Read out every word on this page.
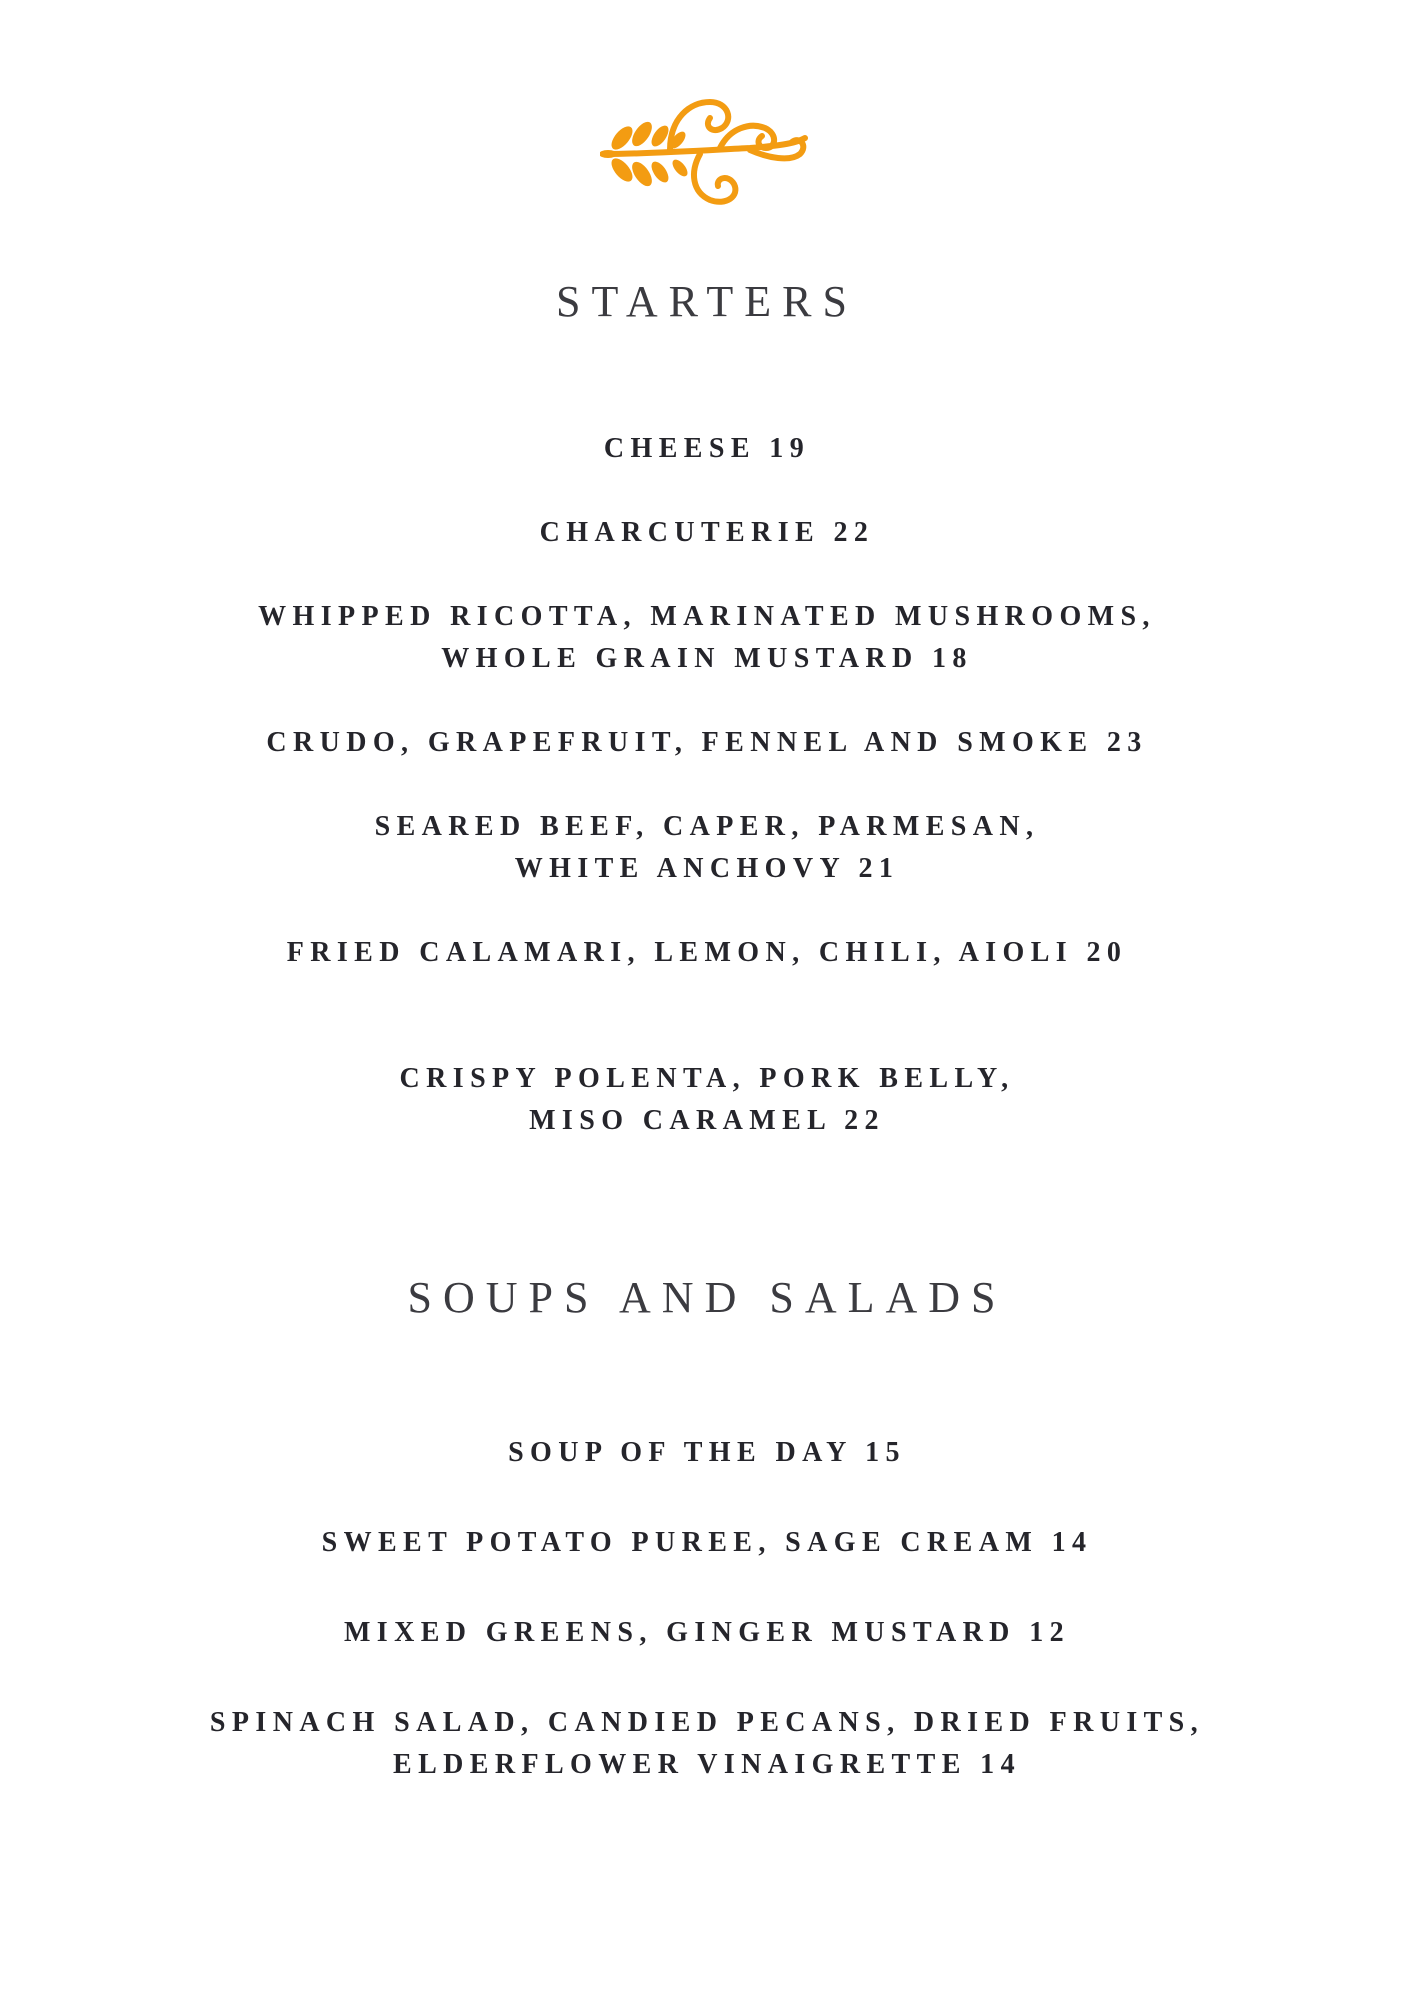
STARTERS
CHEESE 19
CHARCUTERIE 22
WHIPPED RICOTTA, MARINATED MUSHROOMS,
WHOLE GRAIN MUSTARD 18
CRUDO, GRAPEFRUIT, FENNEL AND SMOKE 23
SEARED BEEF, CAPER, PARMESAN,
WHITE ANCHOVY 21
FRIED CALAMARI, LEMON, CHILI, AIOLI 20
CRISPY POLENTA, PORK BELLY,
MISO CARAMEL 22
SOUPS AND SALADS
SOUP OF THE DAY 15
SWEET POTATO PUREE, SAGE CREAM 14
MIXED GREENS, GINGER MUSTARD 12
SPINACH SALAD, CANDIED PECANS, DRIED FRUITS,
ELDERFLOWER VINAIGRETTE 14
